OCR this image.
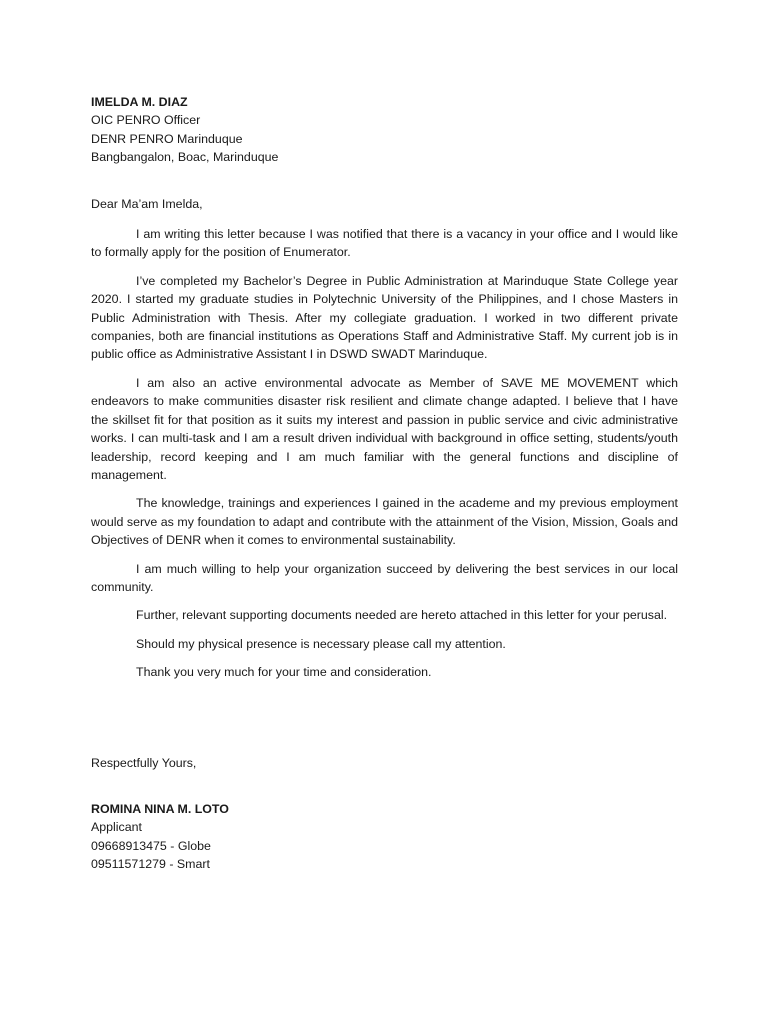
IMELDA M. DIAZ
OIC PENRO Officer
DENR PENRO Marinduque
Bangbangalon, Boac, Marinduque
Dear Ma’am Imelda,

I am writing this letter because I was notified that there is a vacancy in your office and I would like to formally apply for the position of Enumerator.

I’ve completed my Bachelor’s Degree in Public Administration at Marinduque State College year 2020. I started my graduate studies in Polytechnic University of the Philippines, and I chose Masters in Public Administration with Thesis. After my collegiate graduation. I worked in two different private companies, both are financial institutions as Operations Staff and Administrative Staff. My current job is in public office as Administrative Assistant I in DSWD SWADT Marinduque.

I am also an active environmental advocate as Member of SAVE ME MOVEMENT which endeavors to make communities disaster risk resilient and climate change adapted. I believe that I have the skillset fit for that position as it suits my interest and passion in public service and civic administrative works. I can multi-task and I am a result driven individual with background in office setting, students/youth leadership, record keeping and I am much familiar with the general functions and discipline of management.

The knowledge, trainings and experiences I gained in the academe and my previous employment would serve as my foundation to adapt and contribute with the attainment of the Vision, Mission, Goals and Objectives of DENR when it comes to environmental sustainability.

I am much willing to help your organization succeed by delivering the best services in our local community.

Further, relevant supporting documents needed are hereto attached in this letter for your perusal.

Should my physical presence is necessary please call my attention.

Thank you very much for your time and consideration.

Respectfully Yours,
ROMINA NINA M. LOTO
Applicant
09668913475 - Globe
09511571279 - Smart
